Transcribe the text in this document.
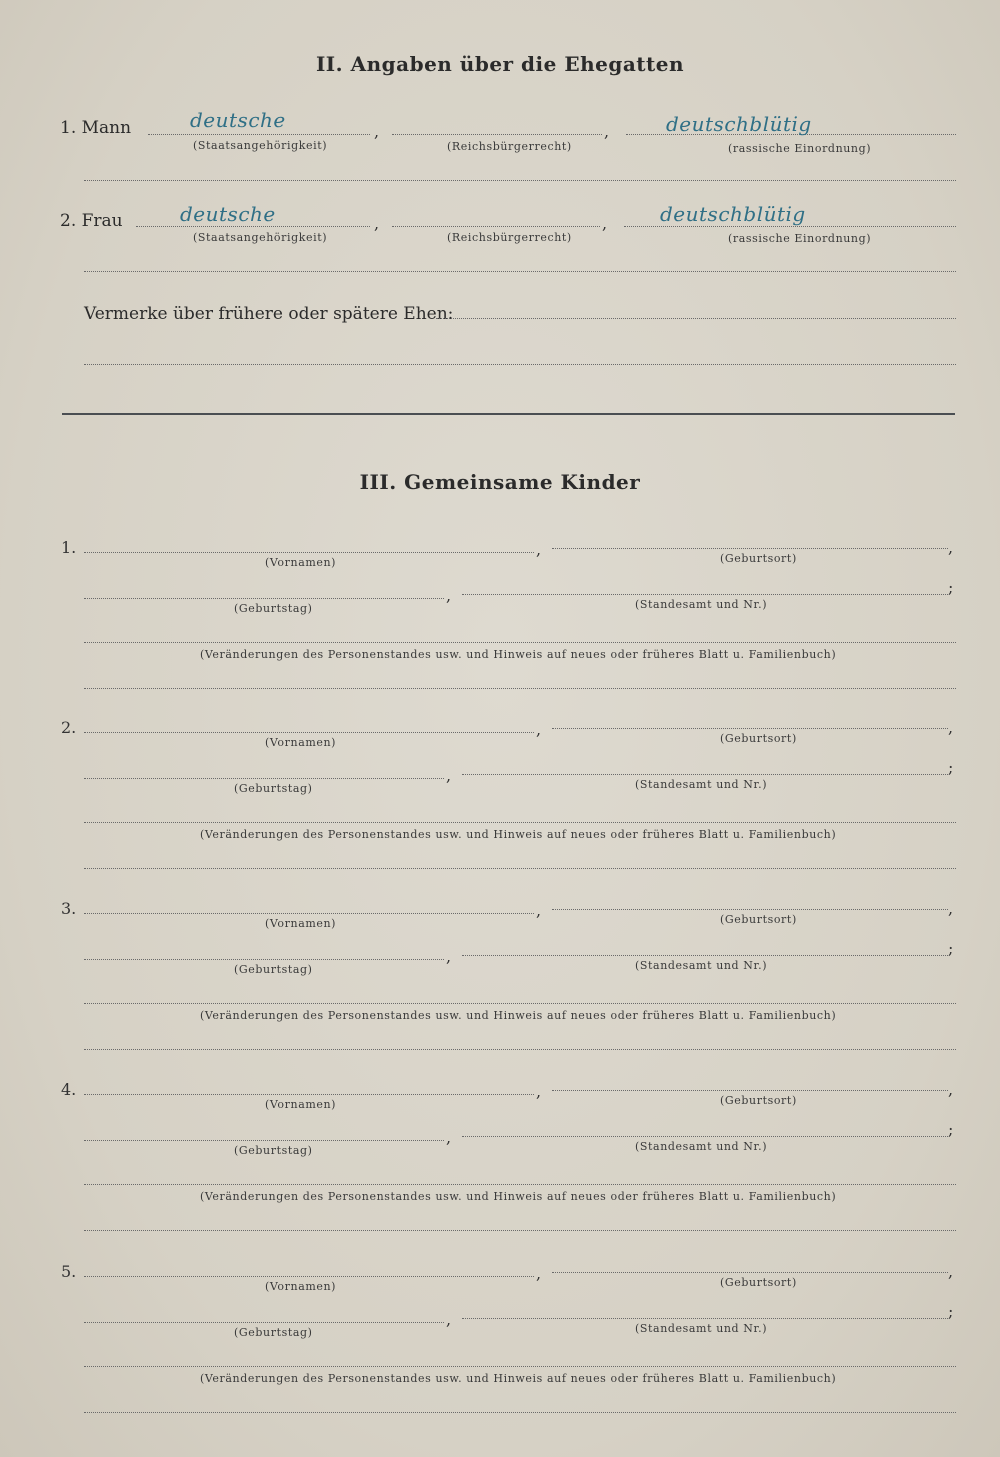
II. Angaben über die Ehegatten
1. Mann	deutsche	,	,	deutschblütig
(Staatsangehörigkeit)	(Reichsbürgerrecht)	(rassische Einordnung)
2. Frau	deutsche	,	,	deutschblütig
(Staatsangehörigkeit)	(Reichsbürgerrecht)	(rassische Einordnung)
Vermerke über frühere oder spätere Ehen:
III. Gemeinsame Kinder
1.	,	,
(Vornamen)	(Geburtsort)
,	;
(Geburtstag)	(Standesamt und Nr.)
(Veränderungen des Personenstandes usw. und Hinweis auf neues oder früheres Blatt u. Familienbuch)
2.	,	,
(Vornamen)	(Geburtsort)
,	;
(Geburtstag)	(Standesamt und Nr.)
(Veränderungen des Personenstandes usw. und Hinweis auf neues oder früheres Blatt u. Familienbuch)
3.	,	,
(Vornamen)	(Geburtsort)
,	;
(Geburtstag)	(Standesamt und Nr.)
(Veränderungen des Personenstandes usw. und Hinweis auf neues oder früheres Blatt u. Familienbuch)
4.	,	,
(Vornamen)	(Geburtsort)
,	;
(Geburtstag)	(Standesamt und Nr.)
(Veränderungen des Personenstandes usw. und Hinweis auf neues oder früheres Blatt u. Familienbuch)
5.	,	,
(Vornamen)	(Geburtsort)
,	;
(Geburtstag)	(Standesamt und Nr.)
(Veränderungen des Personenstandes usw. und Hinweis auf neues oder früheres Blatt u. Familienbuch)
